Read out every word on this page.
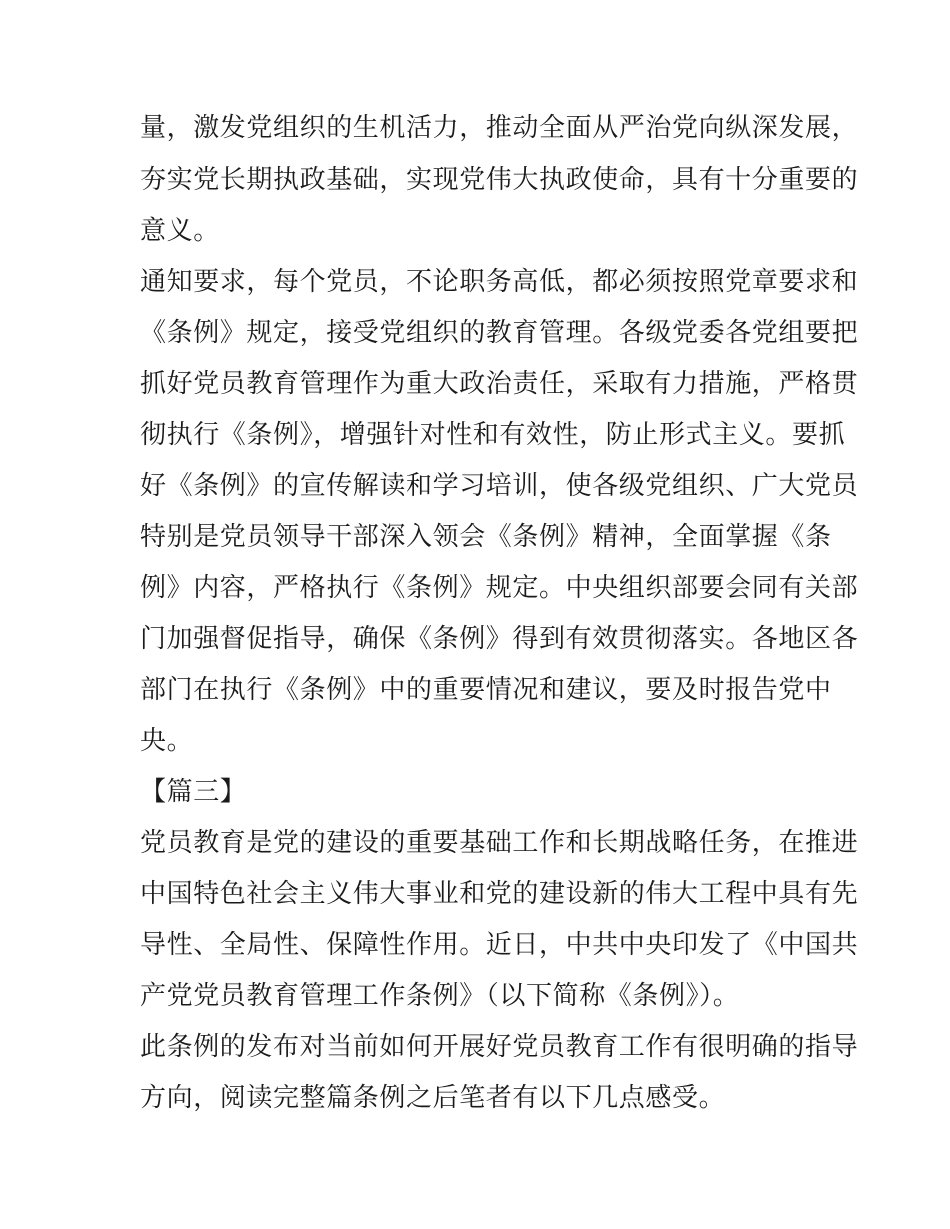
量，激发党组织的生机活力，推动全面从严治党向纵深发展，
夯实党长期执政基础，实现党伟大执政使命，具有十分重要的
意义。
通知要求，每个党员，不论职务高低，都必须按照党章要求和
《条例》规定，接受党组织的教育管理。各级党委各党组要把
抓好党员教育管理作为重大政治责任，采取有力措施，严格贯
彻执行《条例》，增强针对性和有效性，防止形式主义。要抓
好《条例》的宣传解读和学习培训，使各级党组织、广大党员
特别是党员领导干部深入领会《条例》精神，全面掌握《条
例》内容，严格执行《条例》规定。中央组织部要会同有关部
门加强督促指导，确保《条例》得到有效贯彻落实。各地区各
部门在执行《条例》中的重要情况和建议，要及时报告党中
央。
【篇三】
党员教育是党的建设的重要基础工作和长期战略任务，在推进
中国特色社会主义伟大事业和党的建设新的伟大工程中具有先
导性、全局性、保障性作用。近日，中共中央印发了《中国共
产党党员教育管理工作条例》（以下简称《条例》）。
此条例的发布对当前如何开展好党员教育工作有很明确的指导
方向，阅读完整篇条例之后笔者有以下几点感受。
